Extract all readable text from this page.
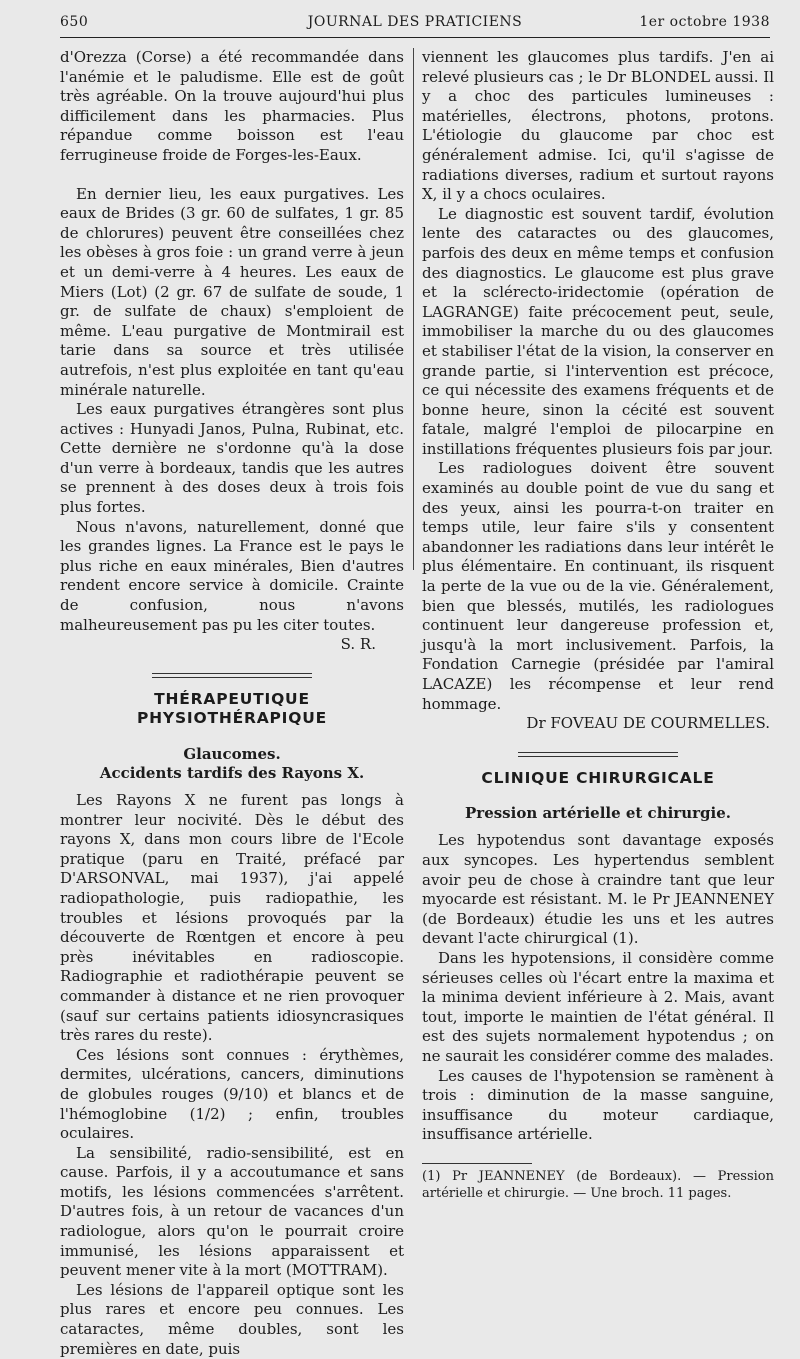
650	JOURNAL DES PRATICIENS	1er octobre 1938

d'Orezza (Corse) a été recommandée dans l'anémie et le paludisme. Elle est de goût très agréable. On la trouve aujourd'hui plus difficilement dans les pharmacies. Plus répandue comme boisson est l'eau ferrugineuse froide de Forges-les-Eaux.

En dernier lieu, les eaux purgatives. Les eaux de Brides (3 gr. 60 de sulfates, 1 gr. 85 de chlorures) peuvent être conseillées chez les obèses à gros foie : un grand verre à jeun et un demi-verre à 4 heures. Les eaux de Miers (Lot) (2 gr. 67 de sulfate de soude, 1 gr. de sulfate de chaux) s'emploient de même. L'eau purgative de Montmirail est tarie dans sa source et très utilisée autrefois, n'est plus exploitée en tant qu'eau minérale naturelle.

Les eaux purgatives étrangères sont plus actives : Hunyadi Janos, Pulna, Rubinat, etc. Cette dernière ne s'ordonne qu'à la dose d'un verre à bordeaux, tandis que les autres se prennent à des doses deux à trois fois plus fortes.

Nous n'avons, naturellement, donné que les grandes lignes. La France est le pays le plus riche en eaux minérales, Bien d'autres rendent encore service à domicile. Crainte de confusion, nous n'avons malheureusement pas pu les citer toutes.

S. R.

THÉRAPEUTIQUE PHYSIOTHÉRAPIQUE
Glaucomes.
Accidents tardifs des Rayons X.

Les Rayons X ne furent pas longs à montrer leur nocivité. Dès le début des rayons X, dans mon cours libre de l'Ecole pratique (paru en Traité, préfacé par D'ARSONVAL, mai 1937), j'ai appelé radiopathologie, puis radiopathie, les troubles et lésions provoqués par la découverte de Rœntgen et encore à peu près inévitables en radioscopie. Radiographie et radiothérapie peuvent se commander à distance et ne rien provoquer (sauf sur certains patients idiosyncrasiques très rares du reste).

Ces lésions sont connues : érythèmes, dermites, ulcérations, cancers, diminutions de globules rouges (9/10) et blancs et de l'hémoglobine (1/2) ; enfin, troubles oculaires.

La sensibilité, radio-sensibilité, est en cause. Parfois, il y a accoutumance et sans motifs, les lésions commencées s'arrêtent. D'autres fois, à un retour de vacances d'un radiologue, alors qu'on le pourrait croire immunisé, les lésions apparaissent et peuvent mener vite à la mort (MOTTRAM).

Les lésions de l'appareil optique sont les plus rares et encore peu connues. Les cataractes, même doubles, sont les premières en date, puis

viennent les glaucomes plus tardifs. J'en ai relevé plusieurs cas ; le Dr BLONDEL aussi. Il y a choc des particules lumineuses : matérielles, électrons, photons, protons. L'étiologie du glaucome par choc est généralement admise. Ici, qu'il s'agisse de radiations diverses, radium et surtout rayons X, il y a chocs oculaires.

Le diagnostic est souvent tardif, évolution lente des cataractes ou des glaucomes, parfois des deux en même temps et confusion des diagnostics. Le glaucome est plus grave et la sclérecto-iridectomie (opération de LAGRANGE) faite précocement peut, seule, immobiliser la marche du ou des glaucomes et stabiliser l'état de la vision, la conserver en grande partie, si l'intervention est précoce, ce qui nécessite des examens fréquents et de bonne heure, sinon la cécité est souvent fatale, malgré l'emploi de pilocarpine en instillations fréquentes plusieurs fois par jour.

Les radiologues doivent être souvent examinés au double point de vue du sang et des yeux, ainsi les pourra-t-on traiter en temps utile, leur faire s'ils y consentent abandonner les radiations dans leur intérêt le plus élémentaire. En continuant, ils risquent la perte de la vue ou de la vie. Généralement, bien que blessés, mutilés, les radiologues continuent leur dangereuse profession et, jusqu'à la mort inclusivement. Parfois, la Fondation Carnegie (présidée par l'amiral LACAZE) les récompense et leur rend hommage.

Dr FOVEAU DE COURMELLES.

CLINIQUE CHIRURGICALE
Pression artérielle et chirurgie.

Les hypotendus sont davantage exposés aux syncopes. Les hypertendus semblent avoir peu de chose à craindre tant que leur myocarde est résistant. M. le Pr JEANNENEY (de Bordeaux) étudie les uns et les autres devant l'acte chirurgical (1).

Dans les hypotensions, il considère comme sérieuses celles où l'écart entre la maxima et la minima devient inférieure à 2. Mais, avant tout, importe le maintien de l'état général. Il est des sujets normalement hypotendus ; on ne saurait les considérer comme des malades.

Les causes de l'hypotension se ramènent à trois : diminution de la masse sanguine, insuffisance du moteur cardiaque, insuffisance artérielle.

(1) Pr JEANNENEY (de Bordeaux). — Pression artérielle et chirurgie. — Une broch. 11 pages.
